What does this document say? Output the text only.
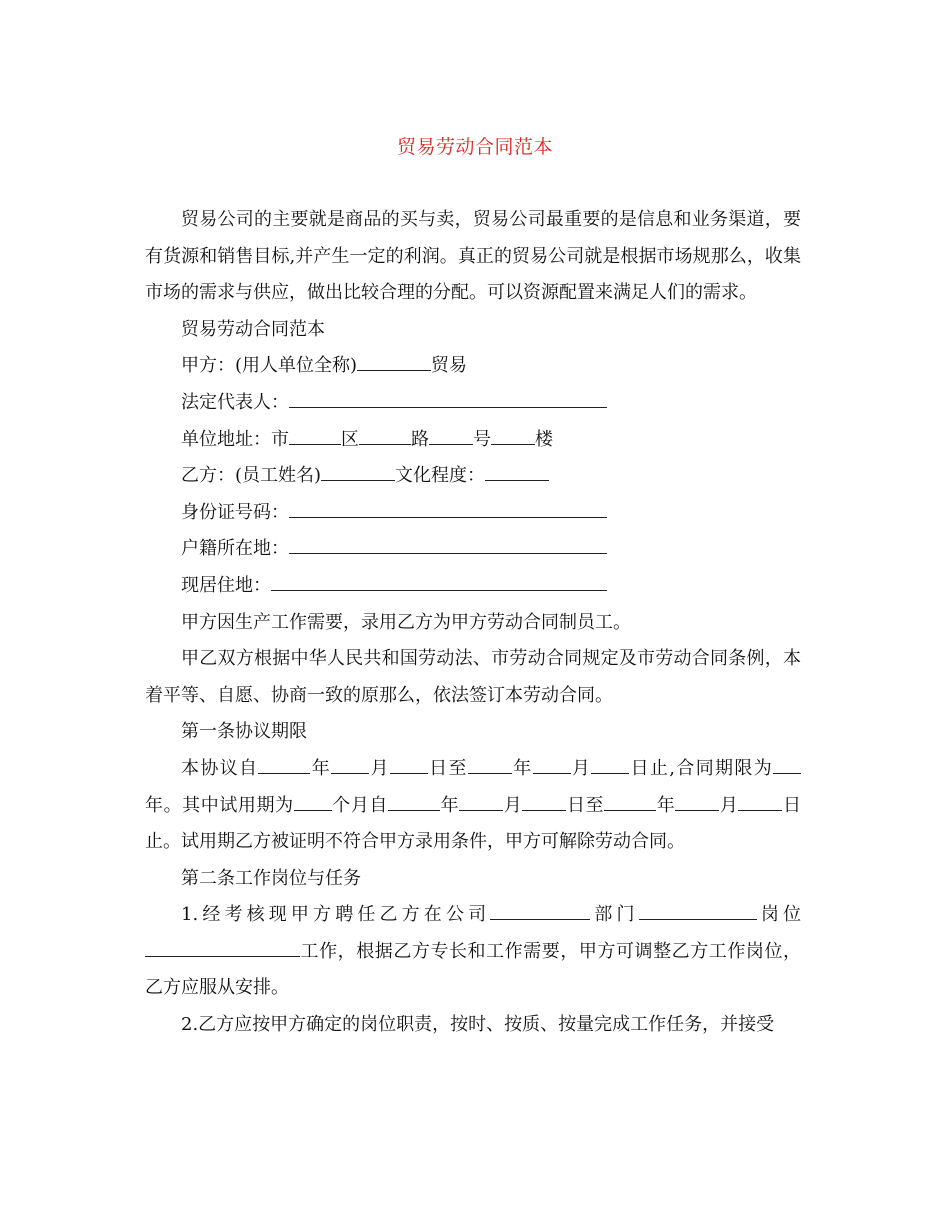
贸易劳动合同范本

贸易公司的主要就是商品的买与卖，贸易公司最重要的是信息和业务渠道，要有货源和销售目标,并产生一定的利润。真正的贸易公司就是根据市场规那么，收集市场的需求与供应，做出比较合理的分配。可以资源配置来满足人们的需求。

贸易劳动合同范本

甲方：(用人单位全称)	贸易

法定代表人：

单位地址：市	区	路 号 楼

乙方：(员工姓名)	文化程度：

身份证号码：

户籍所在地：

现居住地：

甲方因生产工作需要，录用乙方为甲方劳动合同制员工。

甲乙双方根据中华人民共和国劳动法、市劳动合同规定及市劳动合同条例，本着平等、自愿、协商一致的原那么，依法签订本劳动合同。

第一条协议期限

本协议自	年 月 日至 年 月 日止,合同期限为年。其中试用期为 个月自	年 月 日至	年 月 日止。试用期乙方被证明不符合甲方录用条件，甲方可解除劳动合同。

第二条工作岗位与任务

1.经考核现甲方聘任乙方在公司	部门	岗位工作，根据乙方专长和工作需要，甲方可调整乙方工作岗位，乙方应服从安排。

2.乙方应按甲方确定的岗位职责，按时、按质、按量完成工作任务，并接受
